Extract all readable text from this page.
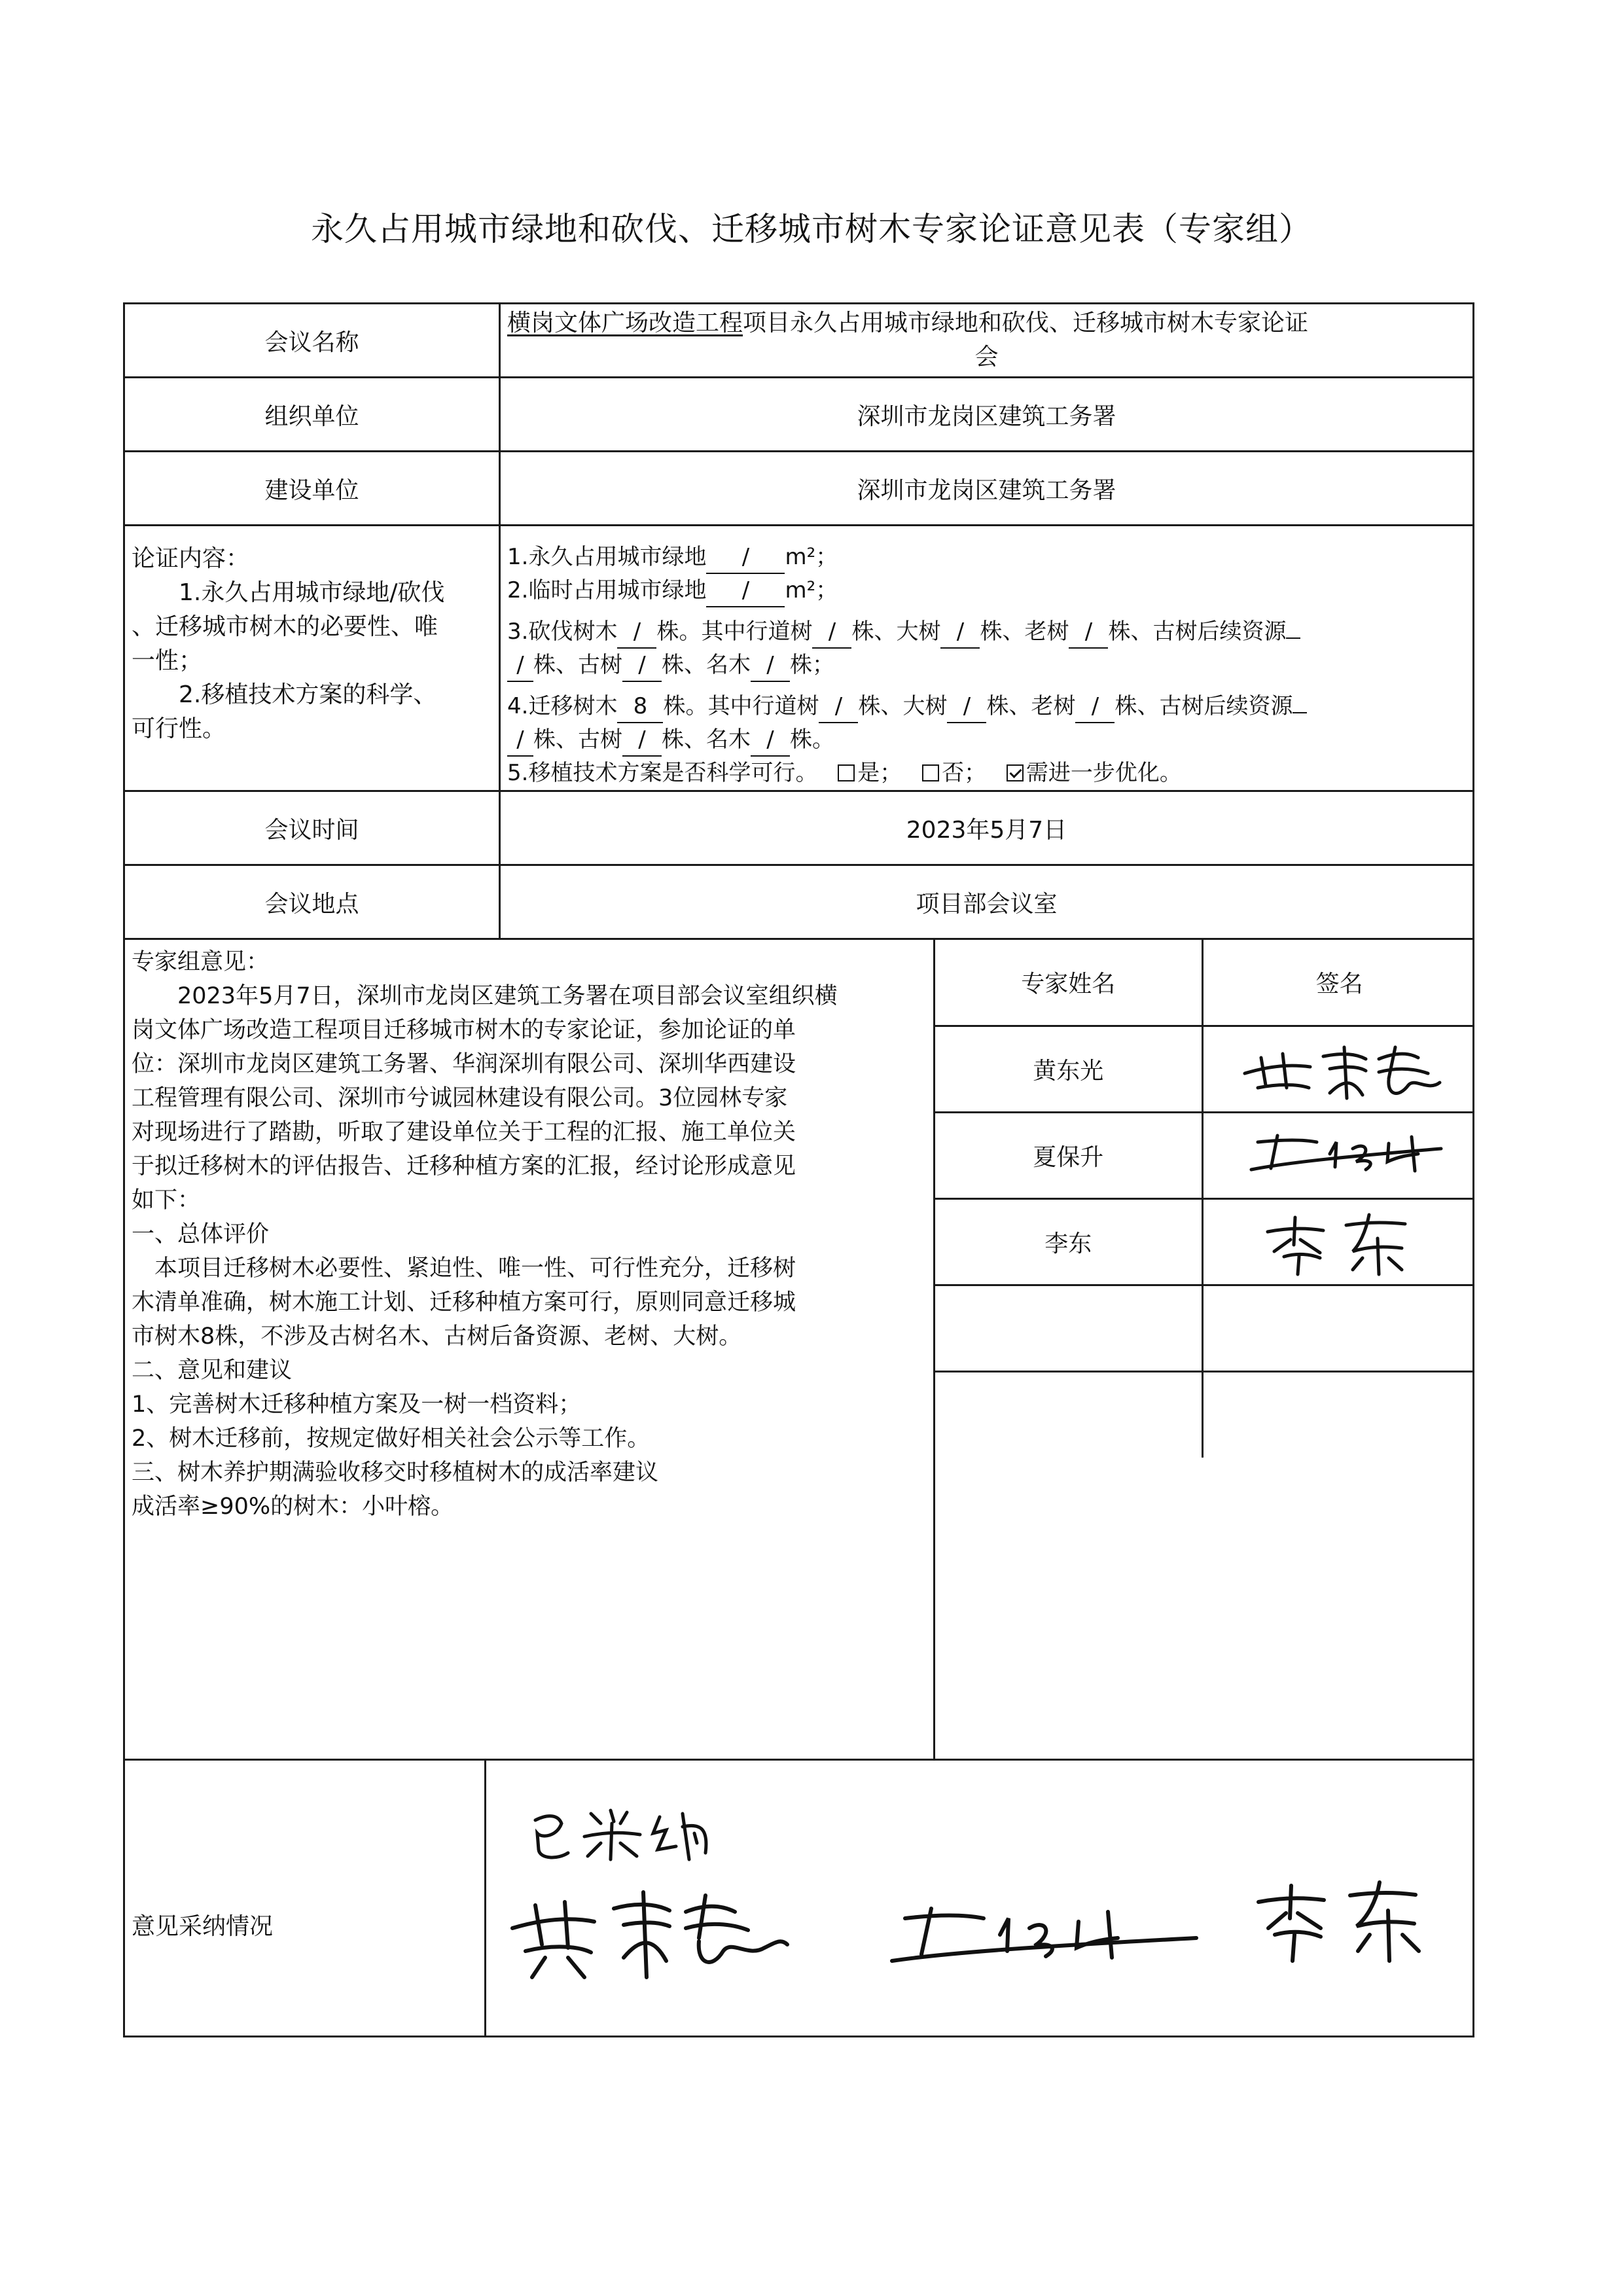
永久占用城市绿地和砍伐、迁移城市树木专家论证意见表（专家组）
会议名称	
横岗文体广场改造工程项目永久占用城市绿地和砍伐、迁移城市树木专家论证
会

组织单位	深圳市龙岗区建筑工务署
建设单位	深圳市龙岗区建筑工务署

论证内容：
1.永久占用城市绿地/砍伐
、迁移城市树木的必要性、唯
一性；
2.移植技术方案的科学、
可行性。

1.永久占用城市绿地 / m²；
2.临时占用城市绿地 / m²；
3.砍伐树木 / 株。其中行道树 / 株、大树 / 株、老树 / 株、古树后续资源
/ 株、古树 / 株、名木 / 株；
4.迁移树木 8 株。其中行道树 / 株、大树 / 株、老树 / 株、古树后续资源
/ 株、古树 / 株、名木 / 株。
5.移植技术方案是否科学可行。 是； 否； 需进一步优化。

会议时间	2023年5月7日
会议地点	项目部会议室

专家组意见：
2023年5月7日，深圳市龙岗区建筑工务署在项目部会议室组织横
岗文体广场改造工程项目迁移城市树木的专家论证，参加论证的单
位：深圳市龙岗区建筑工务署、华润深圳有限公司、深圳华西建设
工程管理有限公司、深圳市兮诚园林建设有限公司。3位园林专家
对现场进行了踏勘，听取了建设单位关于工程的汇报、施工单位关
于拟迁移树木的评估报告、迁移种植方案的汇报，经讨论形成意见
如下：
一、总体评价
本项目迁移树木必要性、紧迫性、唯一性、可行性充分，迁移树
木清单准确，树木施工计划、迁移种植方案可行，原则同意迁移城
市树木8株，不涉及古树名木、古树后备资源、老树、大树。
二、意见和建议
1、完善树木迁移种植方案及一树一档资料；
2、树木迁移前，按规定做好相关社会公示等工作。
三、树木养护期满验收移交时移植树木的成活率建议
成活率≥90%的树木：小叶榕。

专家姓名	签名
黄东光	

夏保升	

李东	

意见采纳情况
